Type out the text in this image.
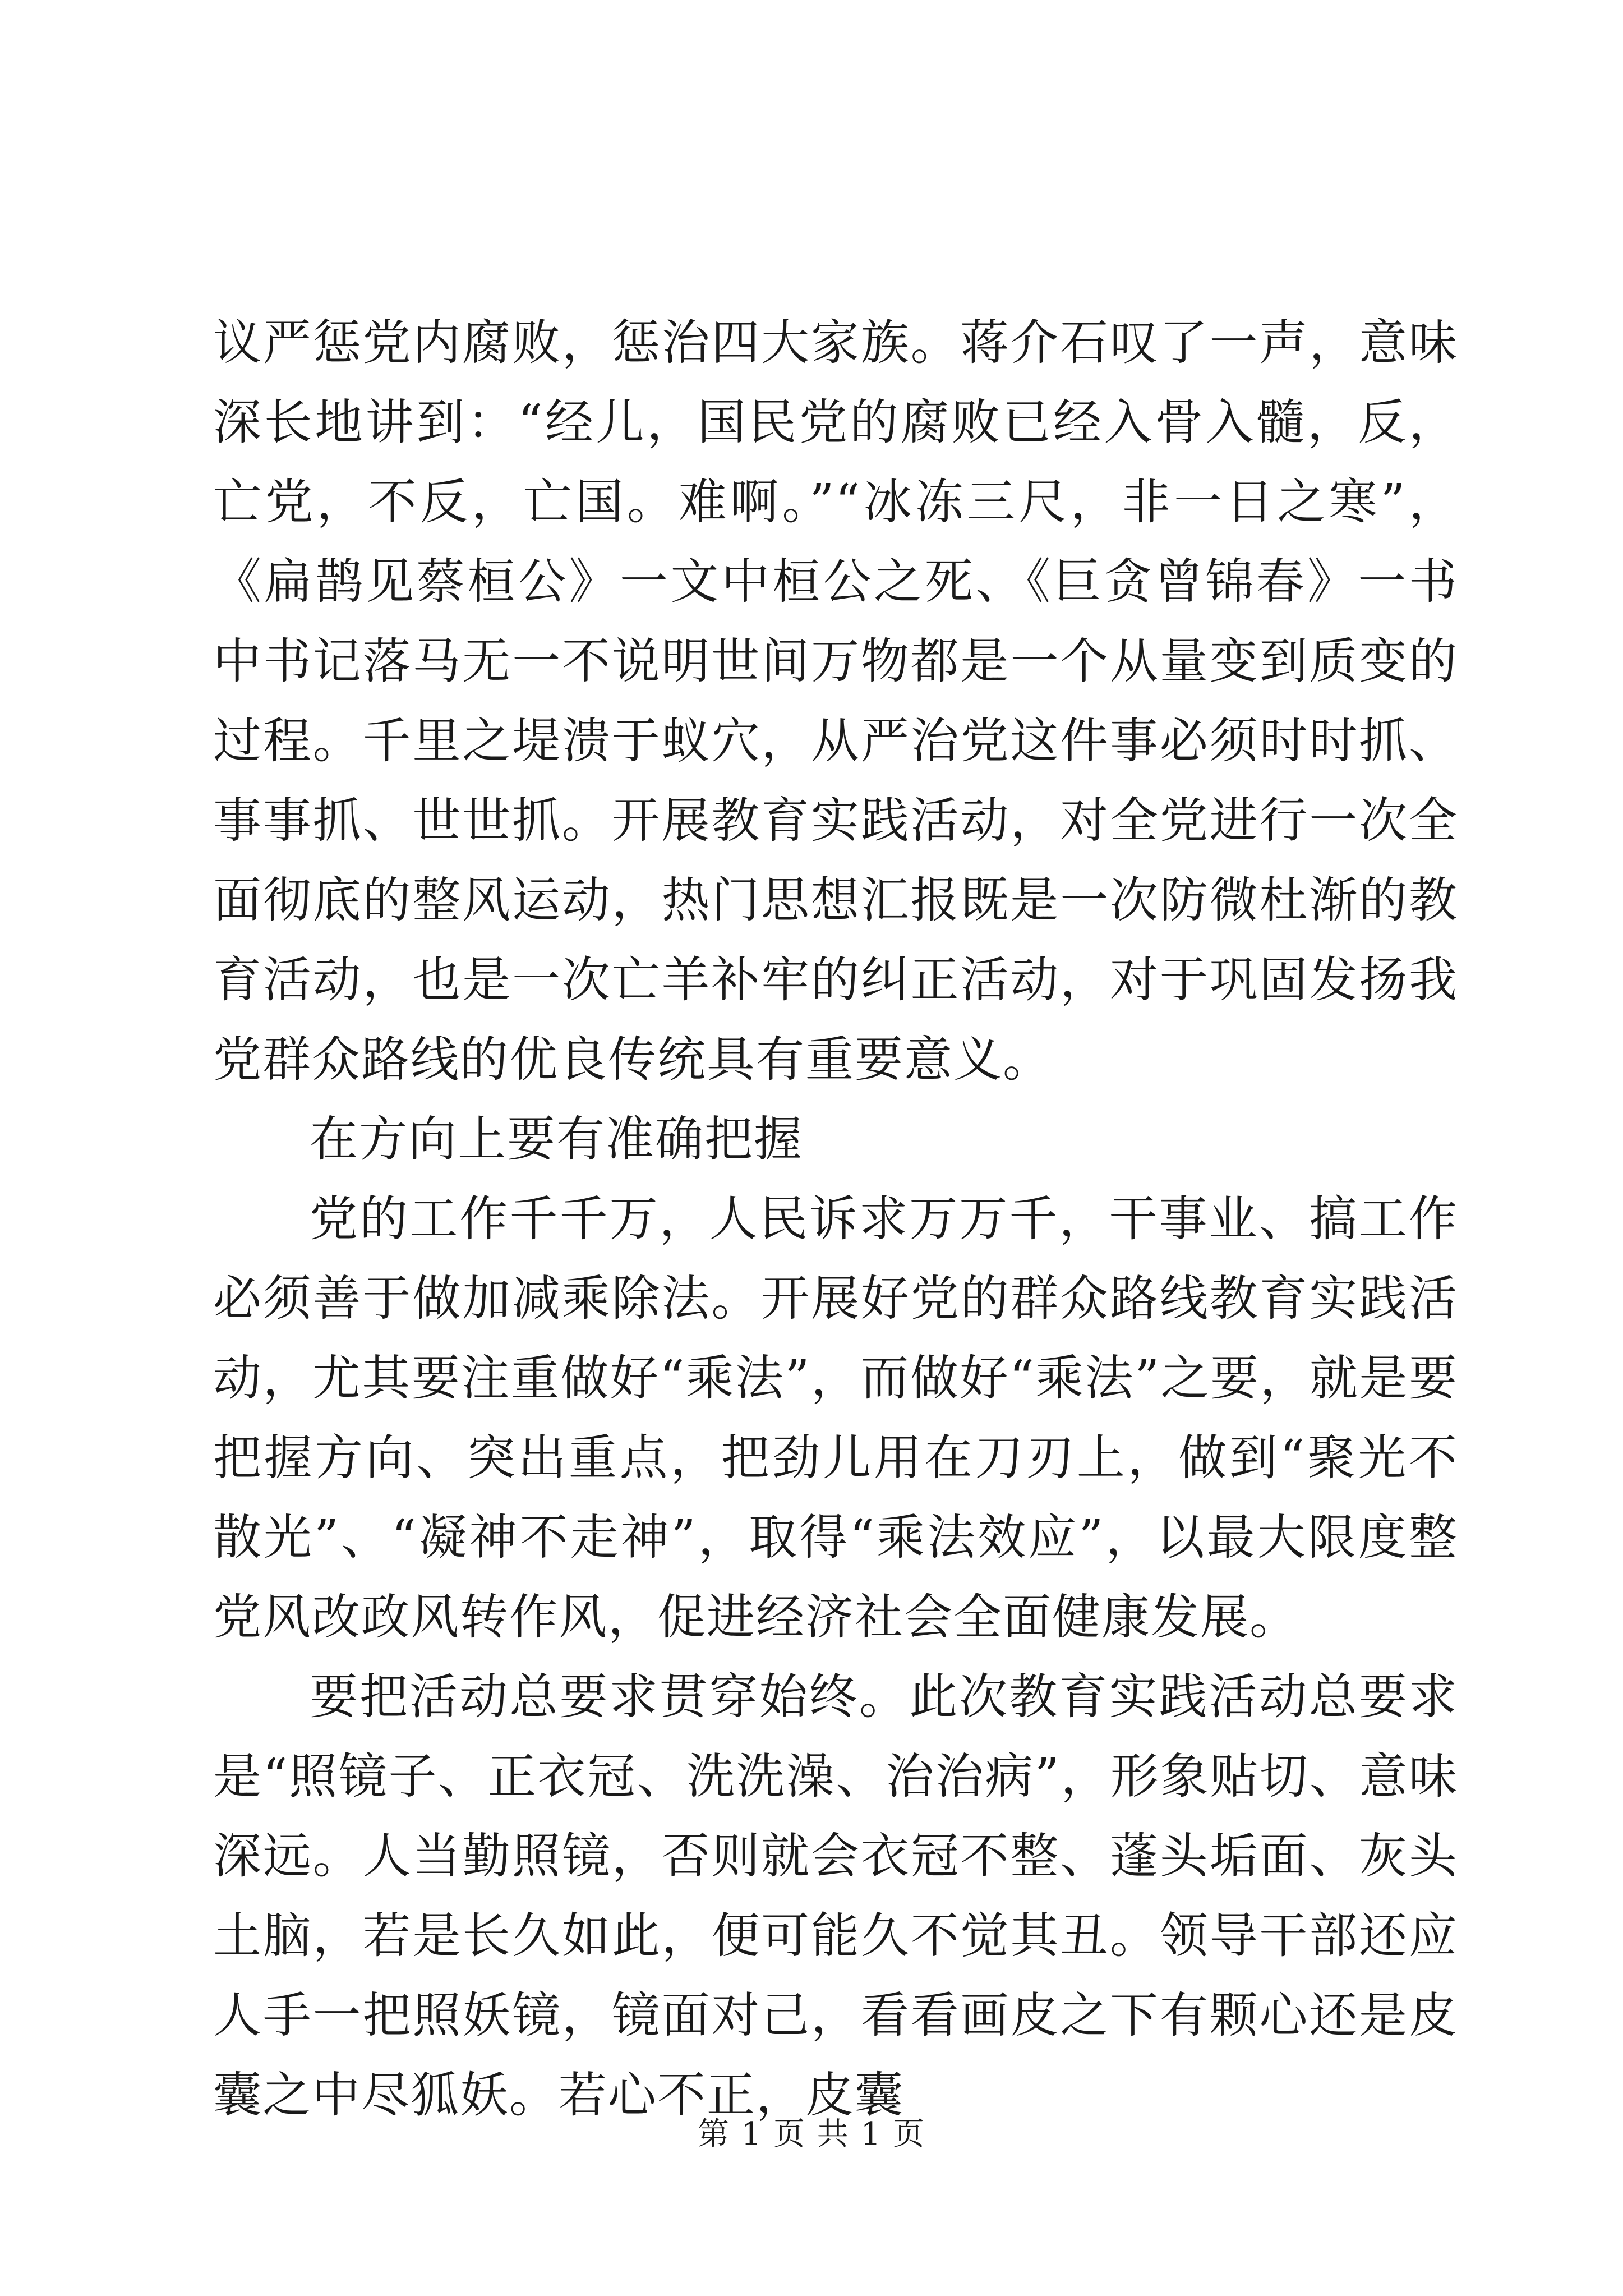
议严惩党内腐败，惩治四大家族。蒋介石叹了一声，意味深长地讲到：“经儿，国民党的腐败已经入骨入髓，反，亡党，不反，亡国。难啊。”“冰冻三尺，非一日之寒”，《扁鹊见蔡桓公》一文中桓公之死、《巨贪曾锦春》一书中书记落马无一不说明世间万物都是一个从量变到质变的过程。千里之堤溃于蚁穴，从严治党这件事必须时时抓、事事抓、世世抓。开展教育实践活动，对全党进行一次全面彻底的整风运动，热门思想汇报既是一次防微杜渐的教育活动，也是一次亡羊补牢的纠正活动，对于巩固发扬我党群众路线的优良传统具有重要意义。

在方向上要有准确把握

党的工作千千万，人民诉求万万千，干事业、搞工作必须善于做加减乘除法。开展好党的群众路线教育实践活动，尤其要注重做好“乘法”，而做好“乘法”之要，就是要把握方向、突出重点，把劲儿用在刀刃上，做到“聚光不散光”、“凝神不走神”，取得“乘法效应”，以最大限度整党风改政风转作风，促进经济社会全面健康发展。

要把活动总要求贯穿始终。此次教育实践活动总要求是“照镜子、正衣冠、洗洗澡、治治病”，形象贴切、意味深远。人当勤照镜，否则就会衣冠不整、蓬头垢面、灰头土脑，若是长久如此，便可能久不觉其丑。领导干部还应人手一把照妖镜，镜面对己，看看画皮之下有颗心还是皮囊之中尽狐妖。若心不正，皮囊

第 1 页 共 1 页
